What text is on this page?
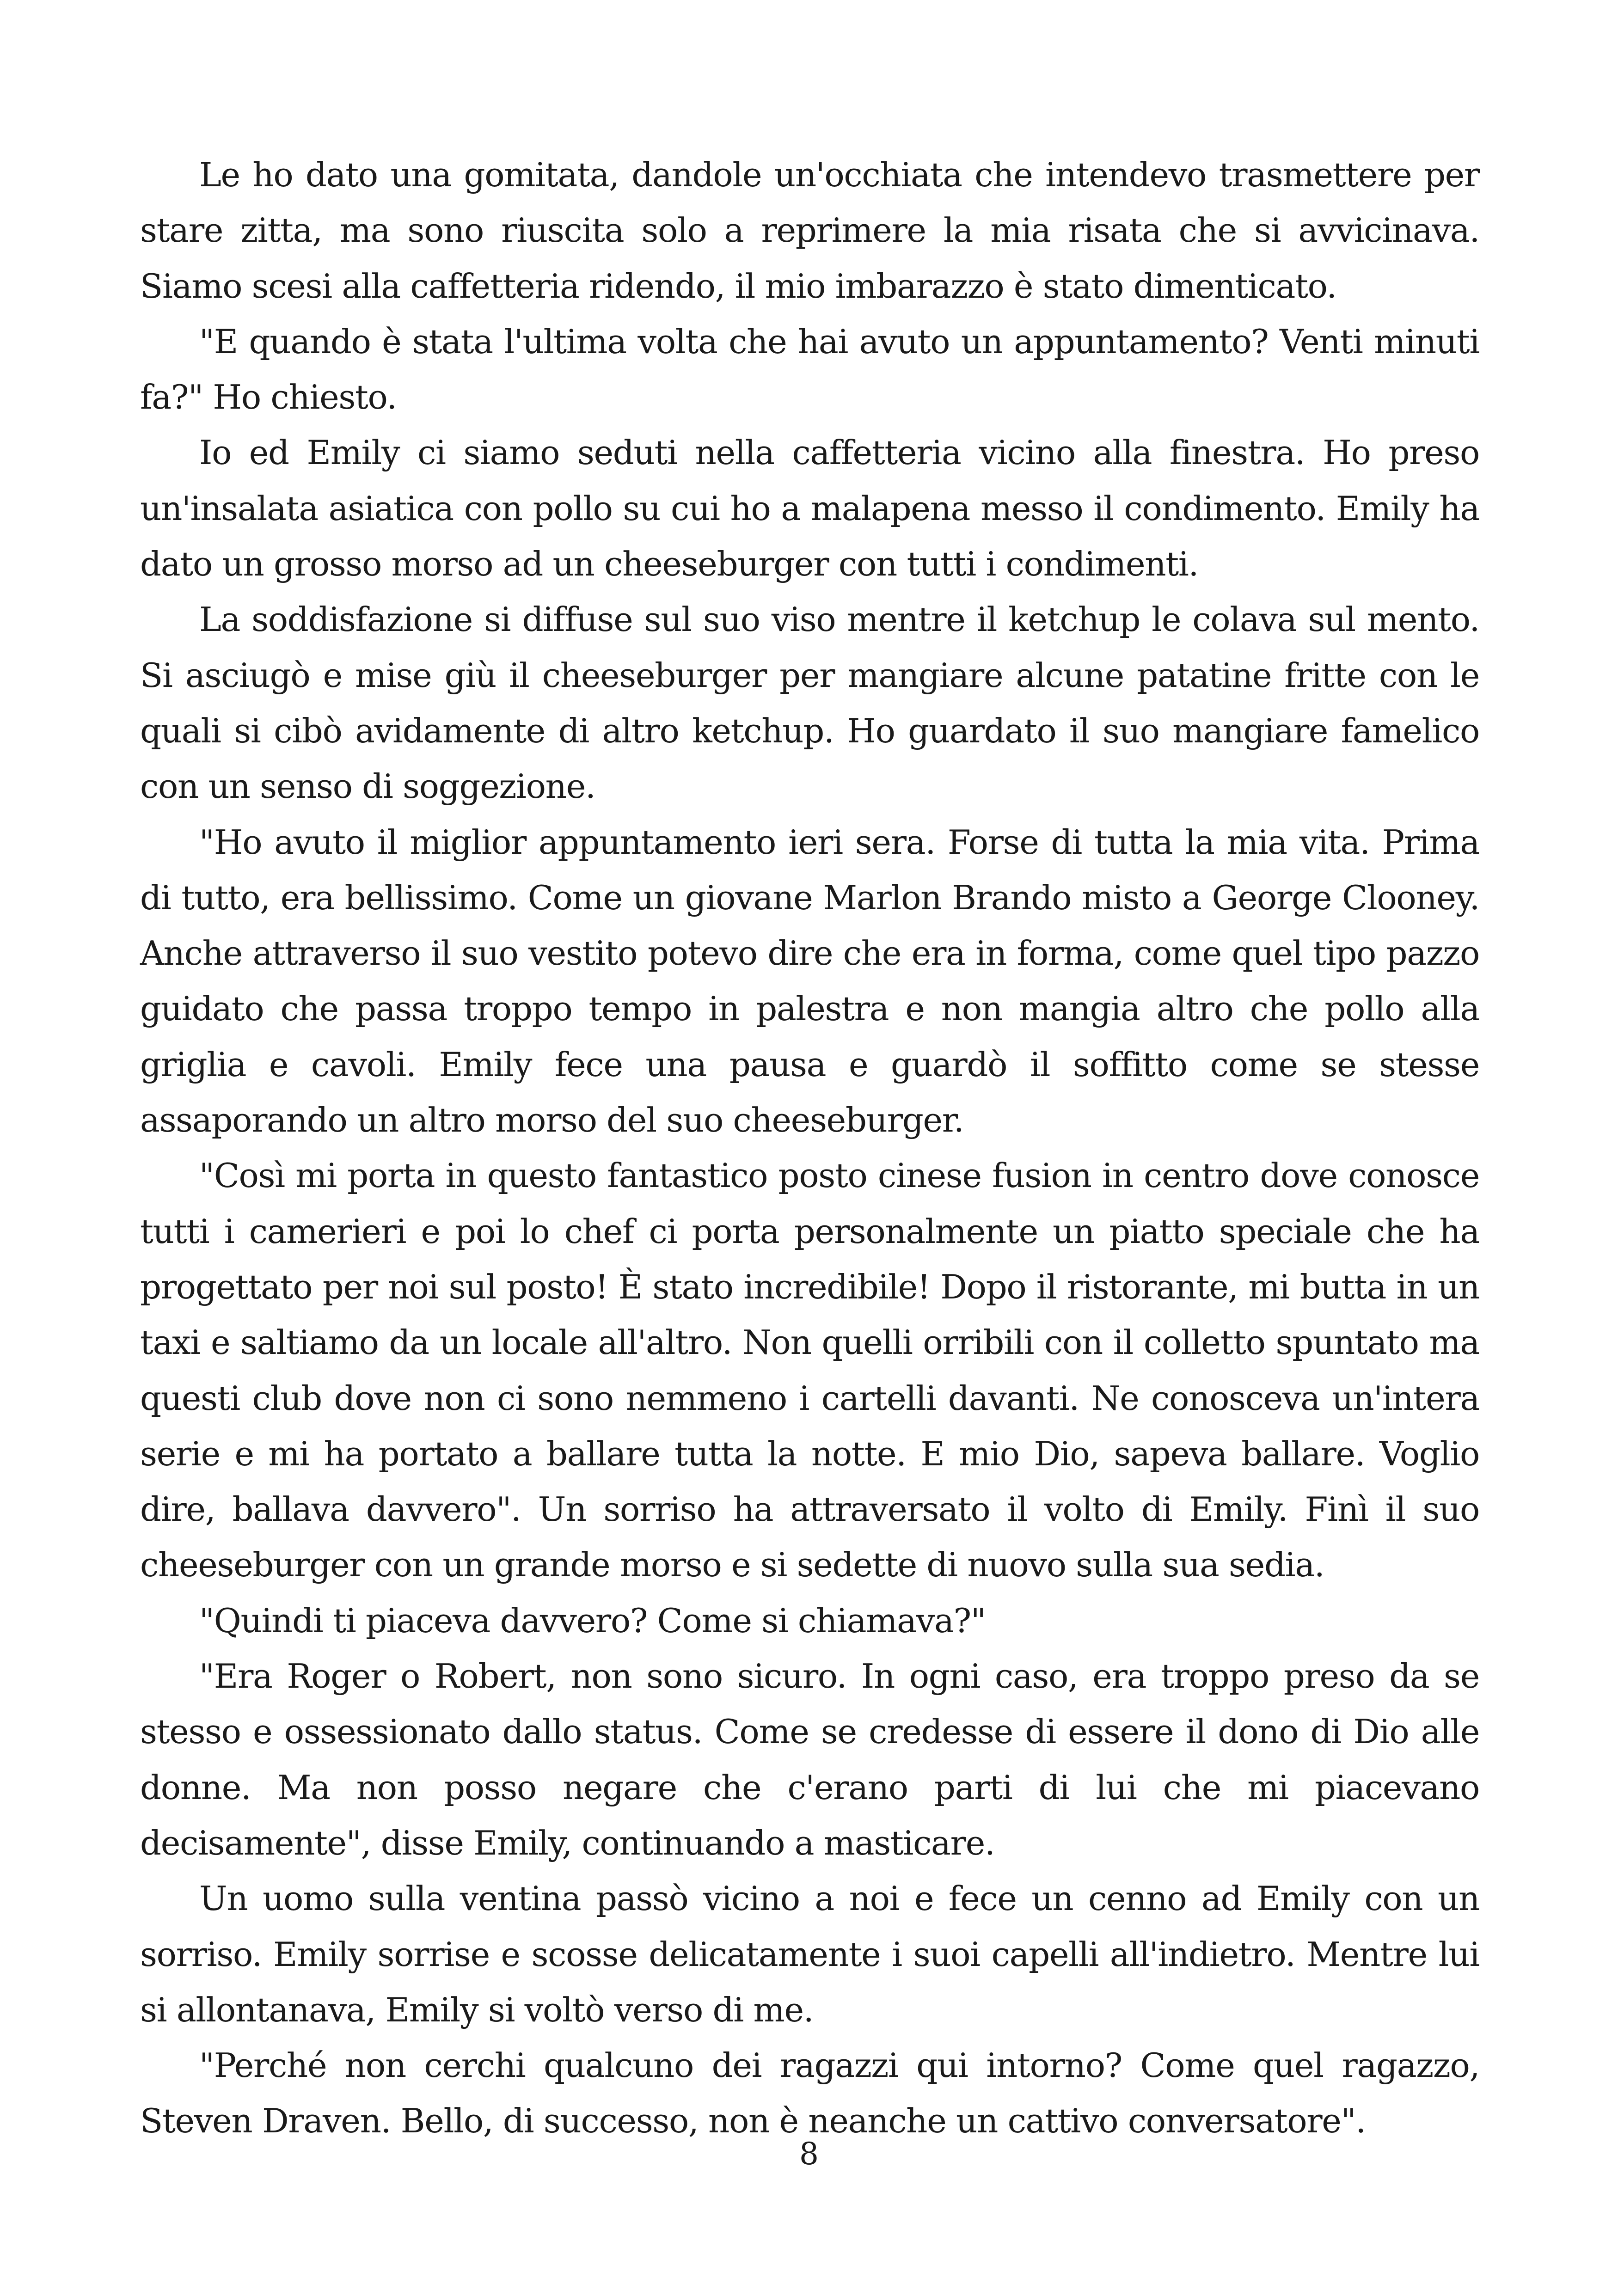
Le ho dato una gomitata, dandole un'occhiata che intendevo trasmettere per stare zitta, ma sono riuscita solo a reprimere la mia risata che si avvicinava. Siamo scesi alla caffetteria ridendo, il mio imbarazzo è stato dimenticato.

"E quando è stata l'ultima volta che hai avuto un appuntamento? Venti minuti fa?" Ho chiesto.

Io ed Emily ci siamo seduti nella caffetteria vicino alla finestra. Ho preso un'insalata asiatica con pollo su cui ho a malapena messo il condimento. Emily ha dato un grosso morso ad un cheeseburger con tutti i condimenti.

La soddisfazione si diffuse sul suo viso mentre il ketchup le colava sul mento. Si asciugò e mise giù il cheeseburger per mangiare alcune patatine fritte con le quali si cibò avidamente di altro ketchup. Ho guardato il suo mangiare famelico con un senso di soggezione.

"Ho avuto il miglior appuntamento ieri sera. Forse di tutta la mia vita. Prima di tutto, era bellissimo. Come un giovane Marlon Brando misto a George Clooney. Anche attraverso il suo vestito potevo dire che era in forma, come quel tipo pazzo guidato che passa troppo tempo in palestra e non mangia altro che pollo alla griglia e cavoli. Emily fece una pausa e guardò il soffitto come se stesse assaporando un altro morso del suo cheeseburger.

"Così mi porta in questo fantastico posto cinese fusion in centro dove conosce tutti i camerieri e poi lo chef ci porta personalmente un piatto speciale che ha progettato per noi sul posto! È stato incredibile! Dopo il ristorante, mi butta in un taxi e saltiamo da un locale all'altro. Non quelli orribili con il colletto spuntato ma questi club dove non ci sono nemmeno i cartelli davanti. Ne conosceva un'intera serie e mi ha portato a ballare tutta la notte. E mio Dio, sapeva ballare. Voglio dire, ballava davvero". Un sorriso ha attraversato il volto di Emily. Finì il suo cheeseburger con un grande morso e si sedette di nuovo sulla sua sedia.

"Quindi ti piaceva davvero? Come si chiamava?"

"Era Roger o Robert, non sono sicuro. In ogni caso, era troppo preso da se stesso e ossessionato dallo status. Come se credesse di essere il dono di Dio alle donne. Ma non posso negare che c'erano parti di lui che mi piacevano decisamente", disse Emily, continuando a masticare.

Un uomo sulla ventina passò vicino a noi e fece un cenno ad Emily con un sorriso. Emily sorrise e scosse delicatamente i suoi capelli all'indietro. Mentre lui si allontanava, Emily si voltò verso di me.

"Perché non cerchi qualcuno dei ragazzi qui intorno? Come quel ragazzo, Steven Draven. Bello, di successo, non è neanche un cattivo conversatore".

8
